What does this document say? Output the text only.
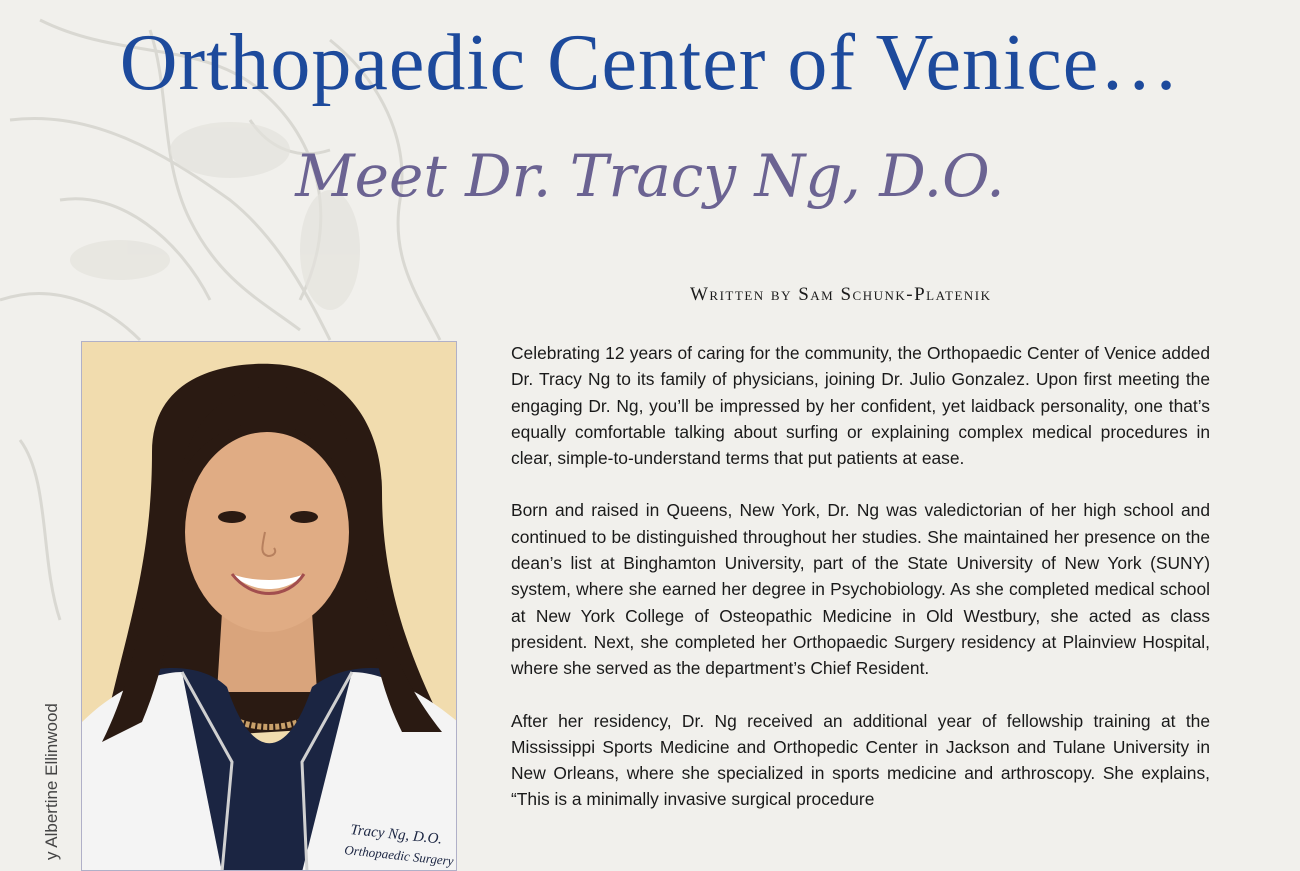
Orthopaedic Center of Venice…
Meet Dr. Tracy Ng, D.O.
Written by Sam Schunk-Platenik
Tracy Ng, D.O.
Orthopaedic Surgery
y Albertine Ellinwood

Celebrating 12 years of caring for the community, the Orthopaedic Center of Venice added Dr. Tracy Ng to its family of physicians, joining Dr. Julio Gonzalez. Upon first meeting the engaging Dr. Ng, you’ll be impressed by her confident, yet laidback personality, one that’s equally comfortable talking about surfing or explaining complex medical procedures in clear, simple-to-understand terms that put patients at ease.

Born and raised in Queens, New York, Dr. Ng was valedictorian of her high school and continued to be distinguished throughout her studies. She maintained her presence on the dean’s list at Binghamton University, part of the State University of New York (SUNY) system, where she earned her degree in Psychobiology. As she completed medical school at New York College of Osteopathic Medicine in Old Westbury, she acted as class president. Next, she completed her Orthopaedic Surgery residency at Plainview Hospital, where she served as the department’s Chief Resident.

After her residency, Dr. Ng received an additional year of fellowship training at the Mississippi Sports Medicine and Orthopedic Center in Jackson and Tulane University in New Orleans, where she specialized in sports medicine and arthroscopy. She explains, “This is a minimally invasive surgical procedure
